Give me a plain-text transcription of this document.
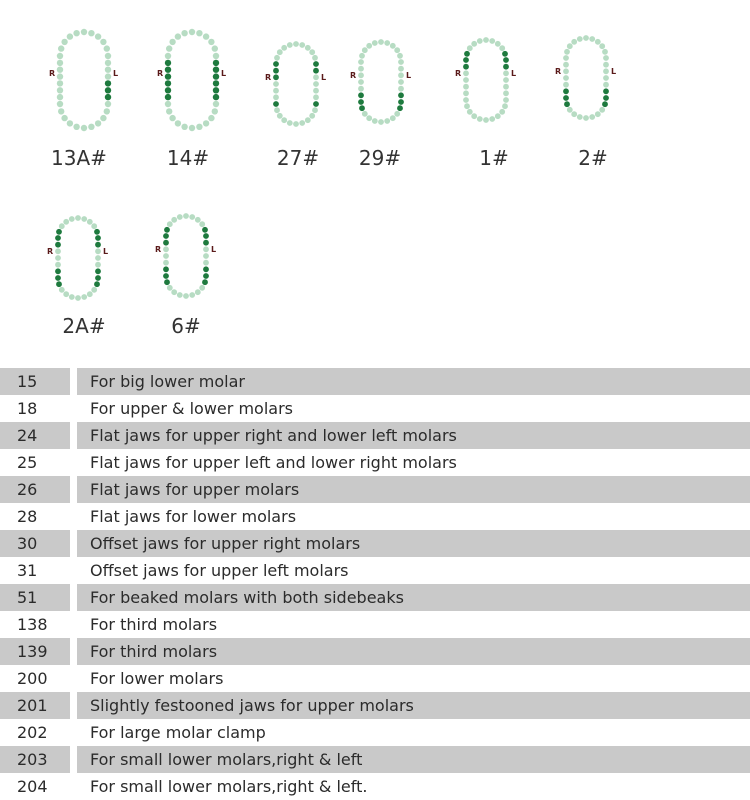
R	L
13A#
R	L
14#
R	L
27#
R	L
29#
R	L
1#
R	L
2#
R	L
2A#
R	L
6#
15	For big lower molar
18	For upper & lower molars
24	Flat jaws for upper right and lower left molars
25	Flat jaws for upper left and lower right molars
26	Flat jaws for upper molars
28	Flat jaws for lower molars
30	Offset jaws for upper right molars
31	Offset jaws for upper left molars
51	For beaked molars with both sidebeaks
138	For third molars
139	For third molars
200	For lower molars
201	Slightly festooned jaws for upper molars
202	For large molar clamp
203	For small lower molars,right & left
204	For small lower molars,right & left.
